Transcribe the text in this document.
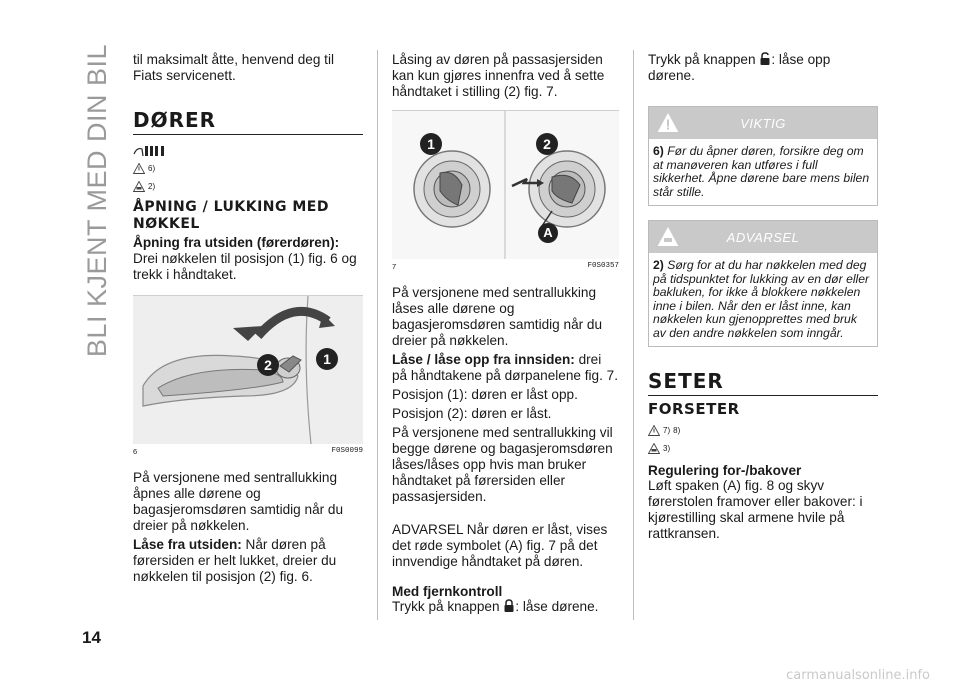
BLI KJENT MED DIN BIL
14
carmanualsonline.info
til maksimalt åtte, henvend deg til Fiats servicenett.
DØRER
6)
2)
ÅPNING / LUKKING MED NØKKEL
Åpning fra utsiden (førerdøren): Drei nøkkelen til posisjon (1) fig. 6 og trekk i håndtaket.
2	1
6	F0S0099
På versjonene med sentrallukking åpnes alle dørene og bagasjeromsdøren samtidig når du dreier på nøkkelen.
Låse fra utsiden: Når døren på førersiden er helt lukket, dreier du nøkkelen til posisjon (2) fig. 6.
Låsing av døren på passasjersiden kan kun gjøres innenfra ved å sette håndtaket i stilling (2) fig. 7.
1	2
A
7	F0S0357
På versjonene med sentrallukking låses alle dørene og bagasjeromsdøren samtidig når du dreier på nøkkelen.
Låse / låse opp fra innsiden: drei på håndtakene på dørpanelene fig. 7.
Posisjon (1): døren er låst opp.
Posisjon (2): døren er låst.
På versjonene med sentrallukking vil begge dørene og bagasjeromsdøren låses/låses opp hvis man bruker håndtaket på førersiden eller passasjersiden.
ADVARSEL Når døren er låst, vises det røde symbolet (A) fig. 7 på det innvendige håndtaket på døren.
Med fjernkontroll
Trykk på knappen : låse dørene.
Trykk på knappen : låse opp dørene.
VIKTIG
6) Før du åpner døren, forsikre deg om at manøveren kan utføres i full sikkerhet. Åpne dørene bare mens bilen står stille.
ADVARSEL
2) Sørg for at du har nøkkelen med deg på tidspunktet for lukking av en dør eller bakluken, for ikke å blokkere nøkkelen inne i bilen. Når den er låst inne, kan nøkkelen kun gjenopprettes med bruk av den andre nøkkelen som inngår.
SETER
FORSETER
7) 8)
3)
Regulering for-/bakover
Løft spaken (A) fig. 8 og skyv førerstolen framover eller bakover: i kjørestilling skal armene hvile på rattkransen.
